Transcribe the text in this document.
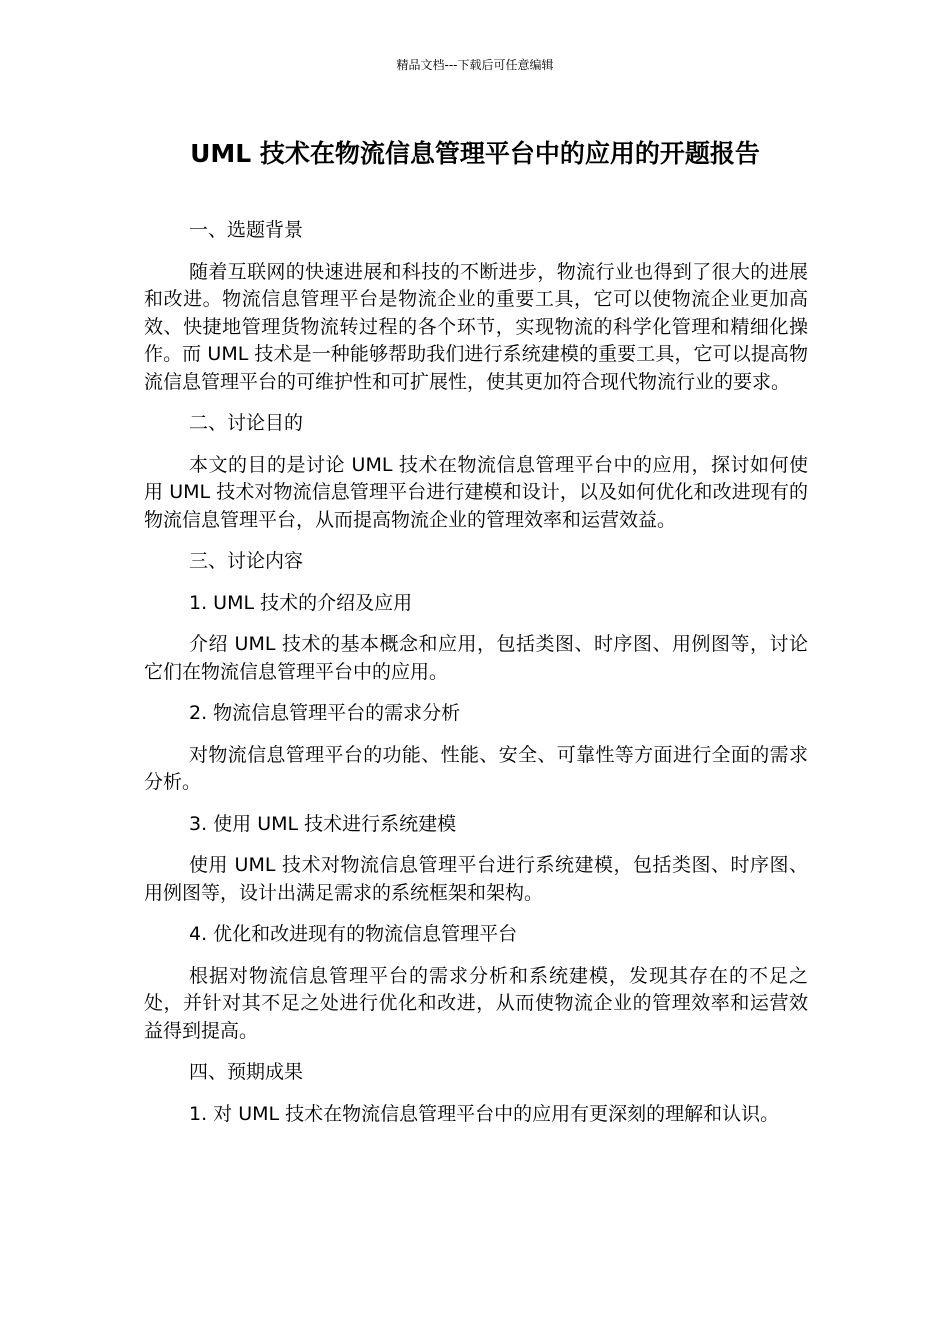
精品文档---下载后可任意编辑
UML 技术在物流信息管理平台中的应用的开题报告

一、选题背景

随着互联网的快速进展和科技的不断进步，物流行业也得到了很大的进展和改进。物流信息管理平台是物流企业的重要工具，它可以使物流企业更加高效、快捷地管理货物流转过程的各个环节，实现物流的科学化管理和精细化操作。而 UML 技术是一种能够帮助我们进行系统建模的重要工具，它可以提高物流信息管理平台的可维护性和可扩展性，使其更加符合现代物流行业的要求。

二、讨论目的

本文的目的是讨论 UML 技术在物流信息管理平台中的应用，探讨如何使用 UML 技术对物流信息管理平台进行建模和设计，以及如何优化和改进现有的物流信息管理平台，从而提高物流企业的管理效率和运营效益。

三、讨论内容

1. UML 技术的介绍及应用

介绍 UML 技术的基本概念和应用，包括类图、时序图、用例图等，讨论它们在物流信息管理平台中的应用。

2. 物流信息管理平台的需求分析

对物流信息管理平台的功能、性能、安全、可靠性等方面进行全面的需求分析。

3. 使用 UML 技术进行系统建模

使用 UML 技术对物流信息管理平台进行系统建模，包括类图、时序图、用例图等，设计出满足需求的系统框架和架构。

4. 优化和改进现有的物流信息管理平台

根据对物流信息管理平台的需求分析和系统建模，发现其存在的不足之处，并针对其不足之处进行优化和改进，从而使物流企业的管理效率和运营效益得到提高。

四、预期成果

1. 对 UML 技术在物流信息管理平台中的应用有更深刻的理解和认识。
